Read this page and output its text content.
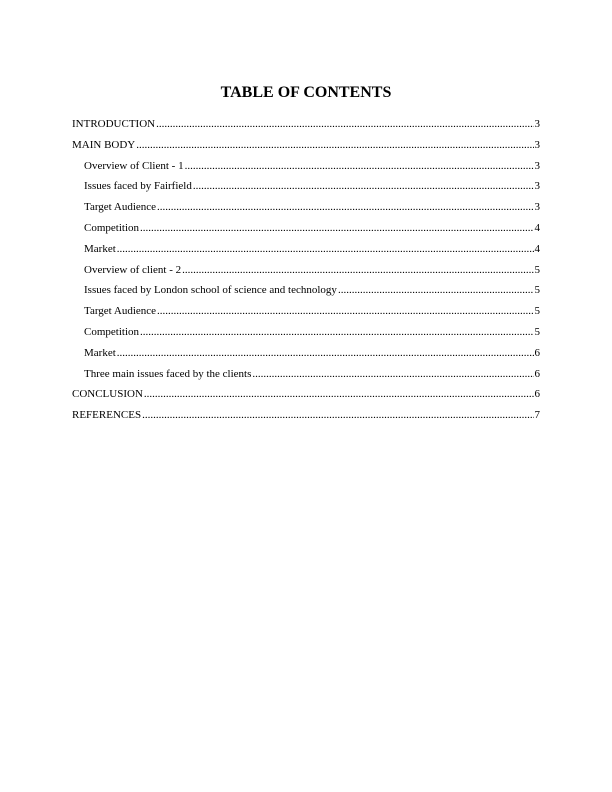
TABLE OF CONTENTS
INTRODUCTION .....	3
MAIN BODY .....	3
Overview of Client - 1 .....	3
Issues faced by Fairfield .....	3
Target Audience .....	3
Competition .....	4
Market .....	4
Overview of client - 2 .....	5
Issues faced by London school of science and technology .....	5
Target Audience .....	5
Competition .....	5
Market .....	6
Three main issues faced by the clients .....	6
CONCLUSION .....	6
REFERENCES .....	7
